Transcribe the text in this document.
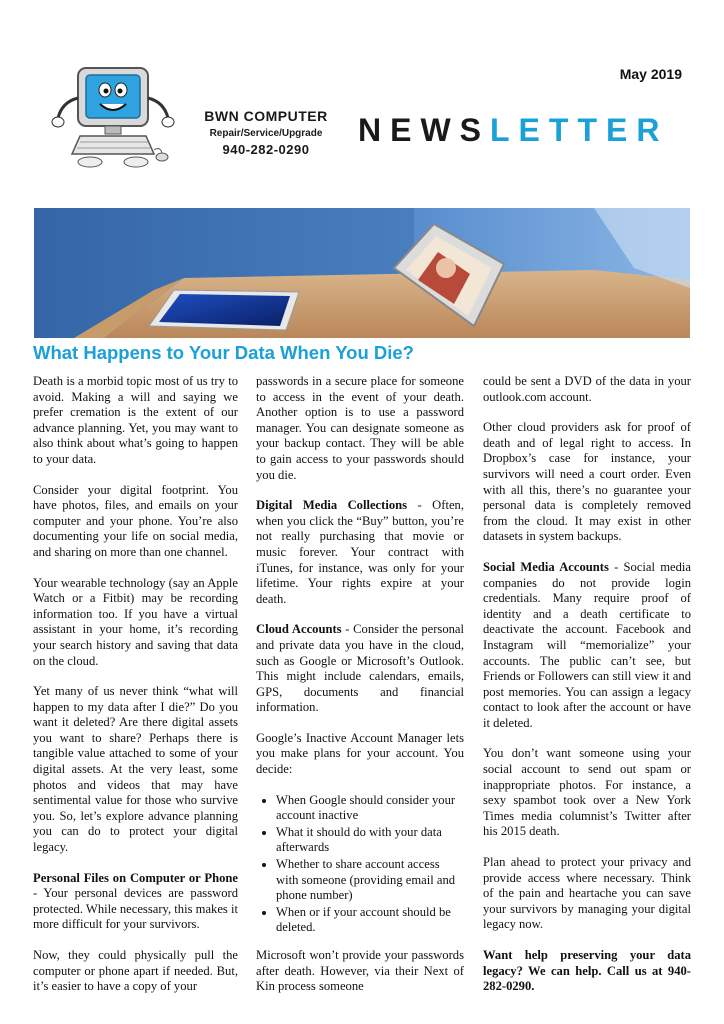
BWN COMPUTER
Repair/Service/Upgrade
940-282-0290
May 2019
NEWSLETTER
What Happens to Your Data When You Die?

Death is a morbid topic most of us try to avoid. Making a will and saying we prefer cremation is the extent of our advance planning. Yet, you may want to also think about what’s going to happen to your data.

Consider your digital footprint. You have photos, files, and emails on your computer and your phone. You’re also documenting your life on social media, and sharing on more than one channel.

Your wearable technology (say an Apple Watch or a Fitbit) may be recording information too. If you have a virtual assistant in your home, it’s recording your search history and saving that data on the cloud.

Yet many of us never think “what will happen to my data after I die?” Do you want it deleted? Are there digital assets you want to share? Perhaps there is tangible value attached to some of your digital assets. At the very least, some photos and videos that may have sentimental value for those who survive you. So, let’s explore advance planning you can do to protect your digital legacy.

Personal Files on Computer or Phone - Your personal devices are password protected. While necessary, this makes it more difficult for your survivors.

Now, they could physically pull the computer or phone apart if needed. But, it’s easier to have a copy of your

passwords in a secure place for someone to access in the event of your death. Another option is to use a password manager. You can designate someone as your backup contact. They will be able to gain access to your passwords should you die.

Digital Media Collections - Often, when you click the “Buy” button, you’re not really purchasing that movie or music forever. Your contract with iTunes, for instance, was only for your lifetime. Your rights expire at your death.

Cloud Accounts - Consider the personal and private data you have in the cloud, such as Google or Microsoft’s Outlook. This might include calendars, emails, GPS, documents and financial information.

Google’s Inactive Account Manager lets you make plans for your account. You decide:

• When Google should consider your account inactive
• What it should do with your data afterwards
• Whether to share account access with someone (providing email and phone number)
• When or if your account should be deleted.

Microsoft won’t provide your passwords after death. However, via their Next of Kin process someone

could be sent a DVD of the data in your outlook.com account.

Other cloud providers ask for proof of death and of legal right to access. In Dropbox’s case for instance, your survivors will need a court order. Even with all this, there’s no guarantee your personal data is completely removed from the cloud. It may exist in other datasets in system backups.

Social Media Accounts - Social media companies do not provide login credentials. Many require proof of identity and a death certificate to deactivate the account. Facebook and Instagram will “memorialize” your accounts. The public can’t see, but Friends or Followers can still view it and post memories. You can assign a legacy contact to look after the account or have it deleted.

You don’t want someone using your social account to send out spam or inappropriate photos. For instance, a sexy spambot took over a New York Times media columnist’s Twitter after his 2015 death.

Plan ahead to protect your privacy and provide access where necessary. Think of the pain and heartache you can save your survivors by managing your digital legacy now.

Want help preserving your data legacy? We can help. Call us at 940-282-0290.
